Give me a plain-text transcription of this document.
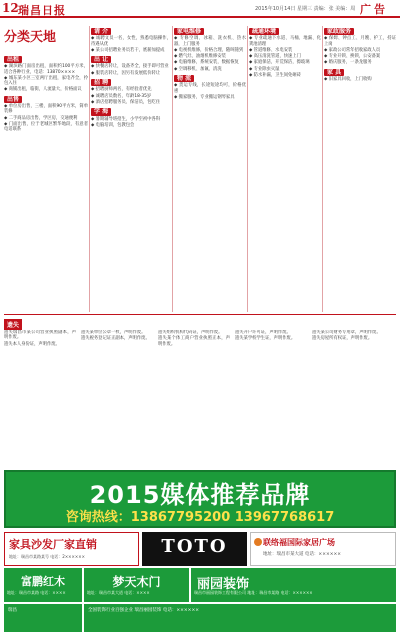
12 瑞昌日报	2015年10月14日 星期三 责编：张 美编：周 广告
分类天地
出租
◆ 湖滨路门面房出租，面积约100平方米，适合各种行业，电话：13870××××
◆ 城东某小区三室两厅出租，家电齐全，拎包入住
◆ 商铺出租，临街，人流量大，价格面议
出售
◆ 单位房出售，三楼，面积90平方米，简单装修
◆ 二手商品房出售，学区房，交通便利
◆ 门面出售，位于老城区繁华地段，有意者电话联系
请 介
◆ 诚聘文员一名，女性，熟悉电脑操作，待遇从优
◆ 某公司招聘业务员若干，底薪加提成
出 让
◆ 快餐店转让，设备齐全，接手即可营业
◆ 服装店转让，因另有发展低价转让
招 聘
◆ 招聘厨师两名，有经验者优先
◆ 诚聘店员数名，年龄18-35岁
◆ 酒店招聘服务员、保洁员，包吃住
学 海
◆ 暑期辅导班招生，小学至初中各科
◆ 电脑培训，包教包会
家电维修
◆ 专修空调、冰箱、洗衣机、热水器，上门服务
◆ 电视机维修，价格合理，随叫随到
◆ 燃气灶、油烟机维修安装
◆ 电脑维修，系统安装，数据恢复
◆ 空调移机、加氟、清洗
物 流
◆ 货运专线，长途短途均可，价格优惠
◆ 搬家服务，专业搬运钢琴家具
疏通环境
◆ 专业疏通下水道、马桶、地漏、化粪池清理
◆ 管道维修、水电安装
◆ 高压清洗管道，快速上门
◆ 家庭保洁，开荒保洁，擦玻璃
◆ 专业除虫灭鼠
◆ 防水补漏，卫生间免砸砖
家政服务
◆ 保姆、钟点工、月嫂、护工，持证上岗
◆ 家政公司常年招收家政人员
◆ 专业开锁、换锁，公安备案
◆ 婚庆服务，一条龙服务
家 具
◆ 旧家具回收，上门收购
遗失
遗失瑞昌市某公司营业执照副本，声明作废。
遗失本人身份证，声明作废。
遗失某单位公章一枚，声明作废。
遗失税务登记证正副本，声明作废。
遗失组织机构代码证，声明作废。
遗失某个体工商户营业执照正本，声明作废。
遗失开户许可证，声明作废。
遗失某学校学生证，声明作废。
遗失某公司财务专用章，声明作废。
遗失房屋所有权证，声明作废。
2015媒体推荐品牌
咨询热线：13867795200 13967768617
家具沙发厂家直销
地址：瑞昌市某路某号 电话：2××××××	TOTO	联络福国际家居广场
地址：瑞昌市某大道 电话：××××××
富鹏红木
地址：瑞昌市某路 电话：××××
梦天木门
地址：瑞昌市某大道 电话：××××
丽园装饰
瑞昌市丽园装饰工程有限公司 地址：瑞昌市某路 电话：××××××
瑞昌	全国装饰行业百强企业 瑞昌丽园装饰 电话：××××××
